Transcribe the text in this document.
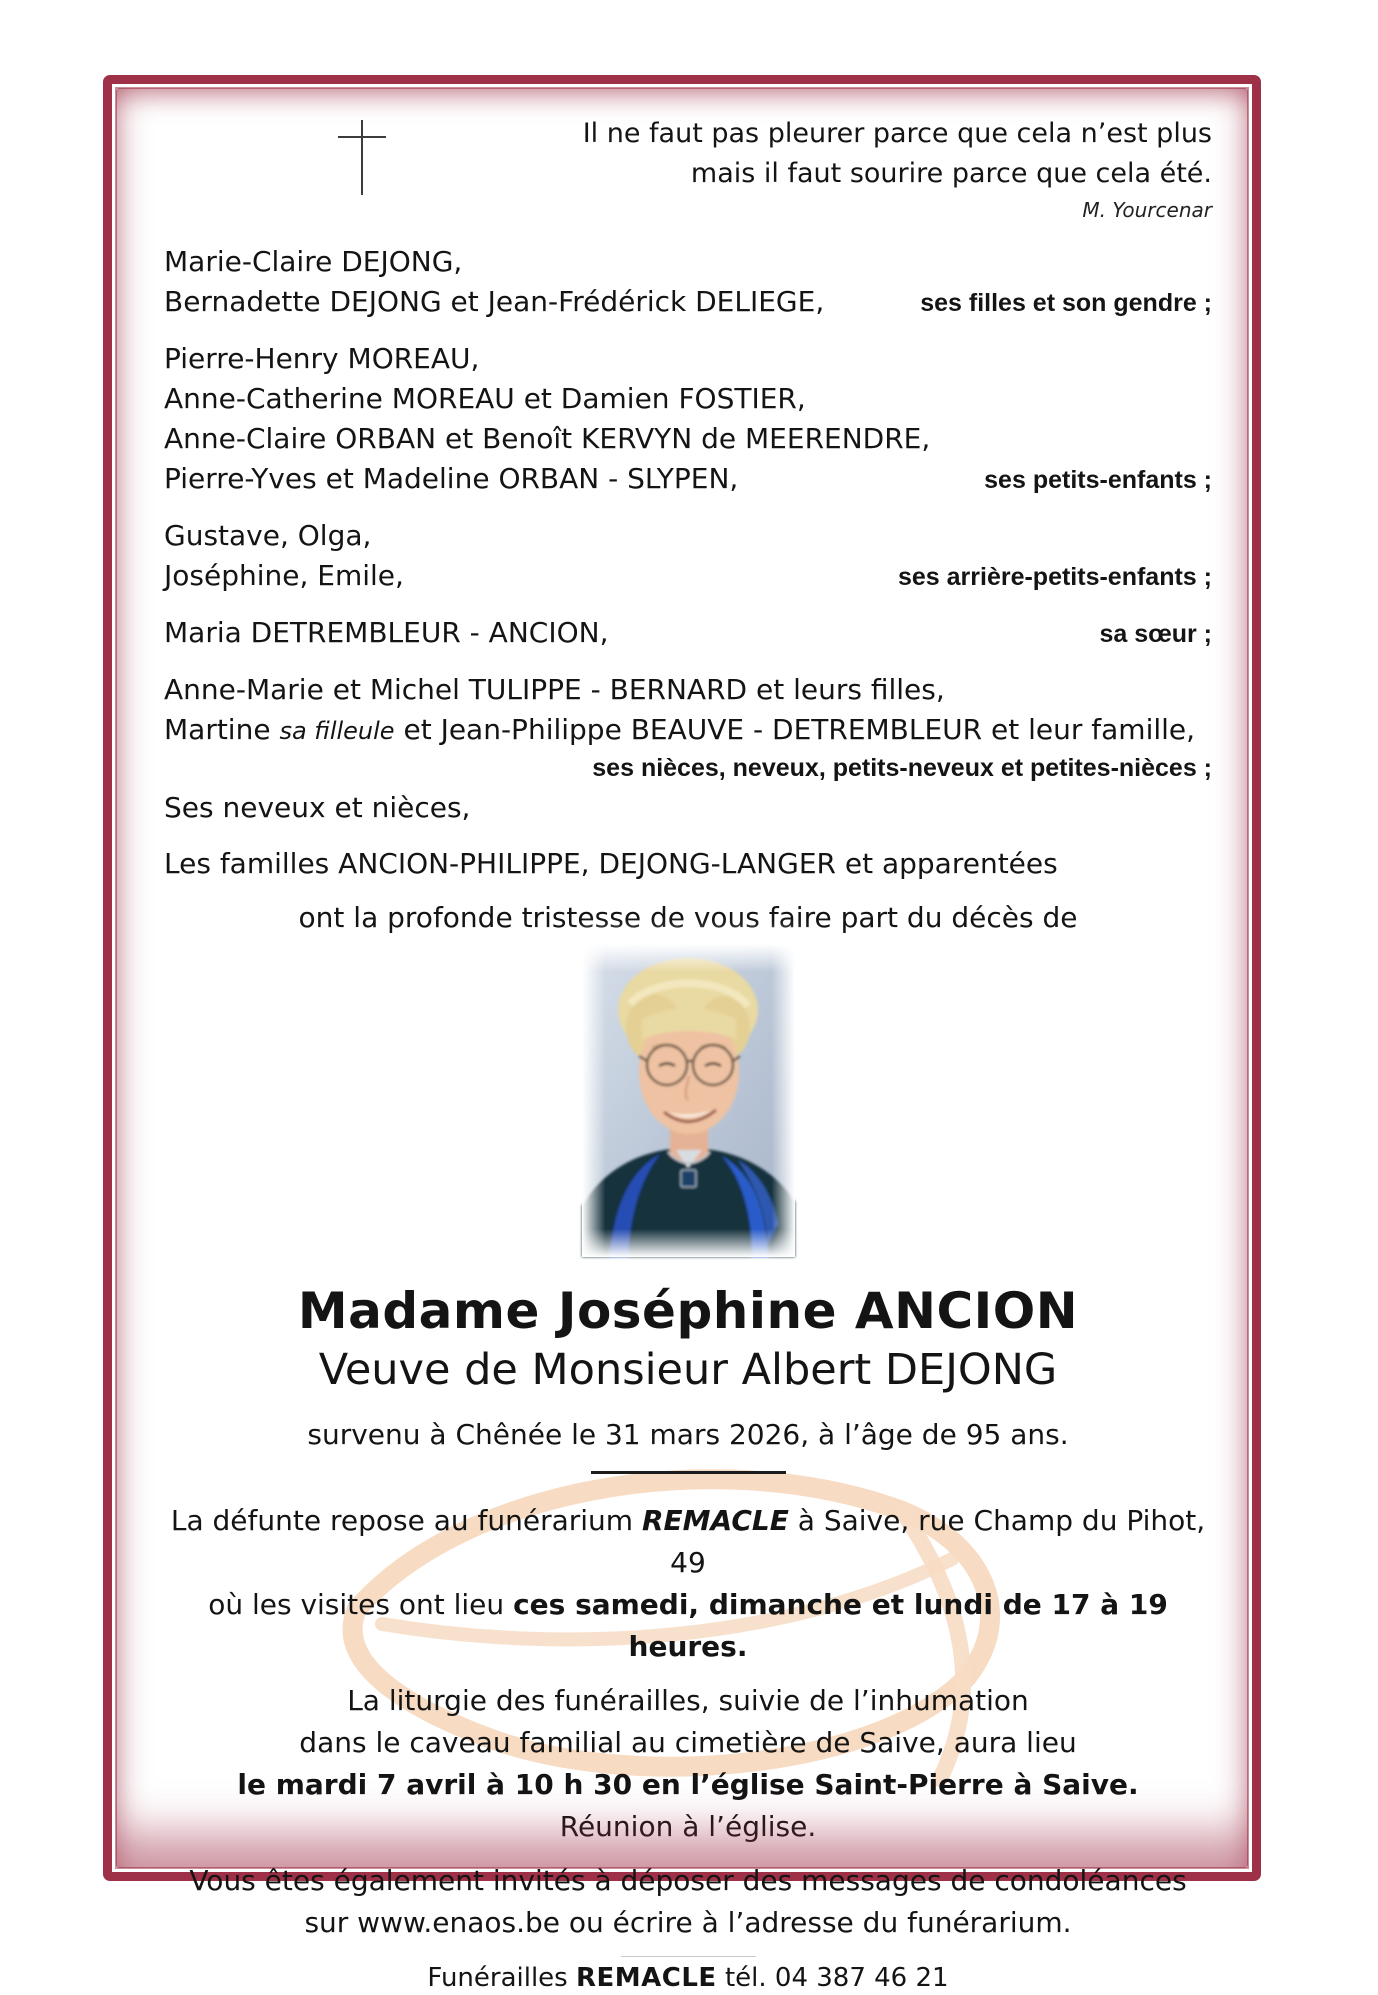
Il ne faut pas pleurer parce que cela n’est plus
mais il faut sourire parce que cela été.
M. Yourcenar
Marie-Claire DEJONG,
Bernadette DEJONG et Jean-Frédérick DELIEGE,	ses filles et son gendre ;
Pierre-Henry MOREAU,
Anne-Catherine MOREAU et Damien FOSTIER,
Anne-Claire ORBAN et Benoît KERVYN de MEERENDRE,
Pierre-Yves et Madeline ORBAN - SLYPEN,	ses petits-enfants ;
Gustave, Olga,
Joséphine, Emile,	ses arrière-petits-enfants ;
Maria DETREMBLEUR - ANCION,	sa sœur ;
Anne-Marie et Michel TULIPPE - BERNARD et leurs filles,
Martine sa filleule et Jean-Philippe BEAUVE - DETREMBLEUR et leur famille,
ses nièces, neveux, petits-neveux et petites-nièces ;
Ses neveux et nièces,
Les familles ANCION-PHILIPPE, DEJONG-LANGER et apparentées
ont la profonde tristesse de vous faire part du décès de
Madame Joséphine ANCION
Veuve de Monsieur Albert DEJONG
survenu à Chênée le 31 mars 2026, à l’âge de 95 ans.
La défunte repose au funérarium REMACLE à Saive, rue Champ du Pihot, 49
où les visites ont lieu ces samedi, dimanche et lundi de 17 à 19 heures.
La liturgie des funérailles, suivie de l’inhumation
dans le caveau familial au cimetière de Saive, aura lieu
le mardi 7 avril à 10 h 30 en l’église Saint-Pierre à Saive.
Réunion à l’église.
Vous êtes également invités à déposer des messages de condoléances
sur www.enaos.be ou écrire à l’adresse du funérarium.
Funérailles REMACLE tél. 04 387 46 21
